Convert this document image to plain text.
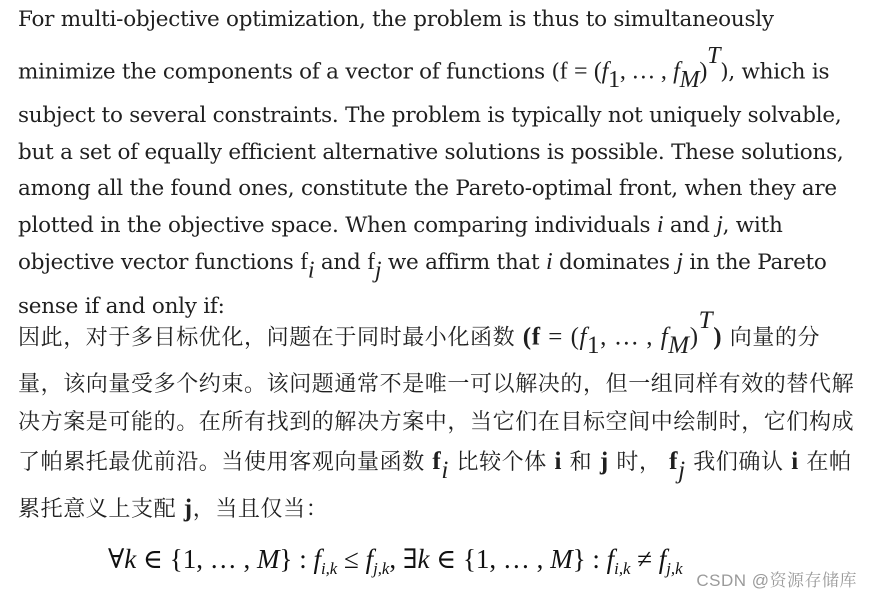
For multi-objective optimization, the problem is thus to simultaneously minimize the components of a vector of functions ($f = (f_1$, … , $f_M)^T$), which is subject to several constraints. The problem is typically not uniquely solvable, but a set of equally efficient alternative solutions is possible. These solutions, among all the found ones, constitute the Pareto-optimal front, when they are plotted in the objective space. When comparing individuals i and j, with objective vector functions $f_i$ and $f_j$ we affirm that i dominates j in the Pareto sense if and only if:

因此，对于多目标优化，问题在于同时最小化函数 ($f = (f_1$, … , $f_M)^T$) 向量的分量，该向量受多个约束。该问题通常不是唯一可以解决的，但一组同样有效的替代解决方案是可能的。在所有找到的解决方案中，当它们在目标空间中绘制时，它们构成了帕累托最优前沿。当使用客观向量函数 $f_i$ 比较个体 i 和 j 时， $f_j$ 我们确认 i 在帕累托意义上支配 j，当且仅当：

∀k ∈ {1, … , M} : $f_{i,k} \le f_{j,k}$, ∃k ∈ {1, … , M} : $f_{i,k} \ne f_{j,k}$
CSDN @资源存储库
